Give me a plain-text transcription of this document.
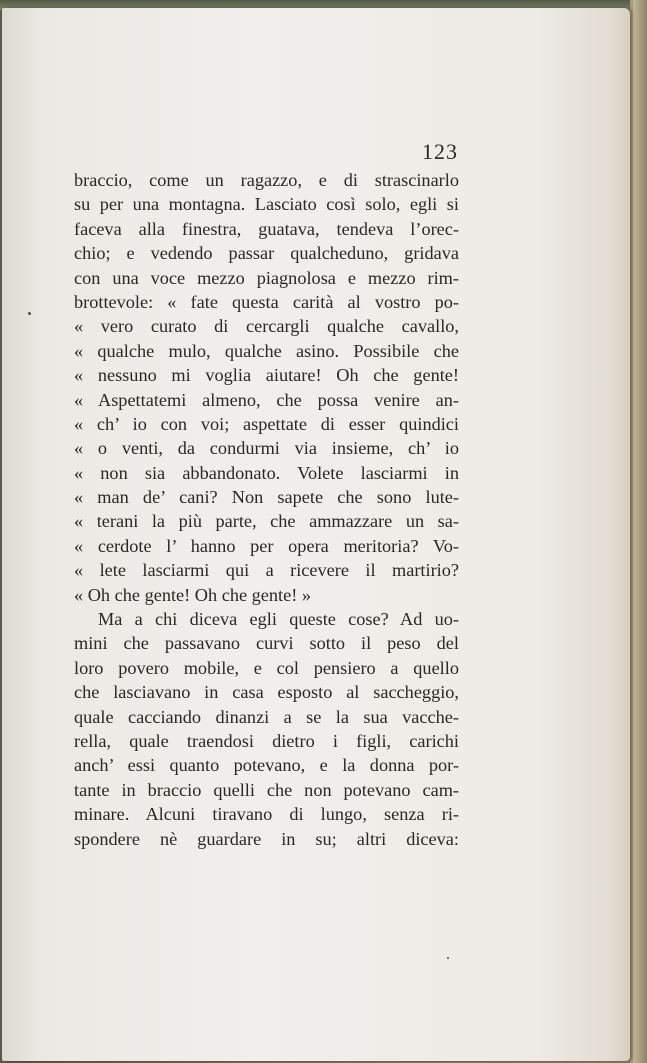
123
braccio, come un ragazzo, e di strascinarlo
su per una montagna. Lasciato così solo, egli si
faceva alla finestra, guatava, tendeva l’orec-
chio; e vedendo passar qualcheduno, gridava
con una voce mezzo piagnolosa e mezzo rim-
brottevole: « fate questa carità al vostro po-
« vero curato di cercargli qualche cavallo,
« qualche mulo, qualche asino. Possibile che
« nessuno mi voglia aiutare! Oh che gente!
« Aspettatemi almeno, che possa venire an-
« ch’ io con voi; aspettate di esser quindici
« o venti, da condurmi via insieme, ch’ io
« non sia abbandonato. Volete lasciarmi in
« man de’ cani? Non sapete che sono lute-
« terani la più parte, che ammazzare un sa-
« cerdote l’ hanno per opera meritoria? Vo-
« lete lasciarmi qui a ricevere il martirio?
« Oh che gente! Oh che gente! »
Ma a chi diceva egli queste cose? Ad uo-
mini che passavano curvi sotto il peso del
loro povero mobile, e col pensiero a quello
che lasciavano in casa esposto al saccheggio,
quale cacciando dinanzi a se la sua vacche-
rella, quale traendosi dietro i figli, carichi
anch’ essi quanto potevano, e la donna por-
tante in braccio quelli che non potevano cam-
minare. Alcuni tiravano di lungo, senza ri-
spondere nè guardare in su; altri diceva:
